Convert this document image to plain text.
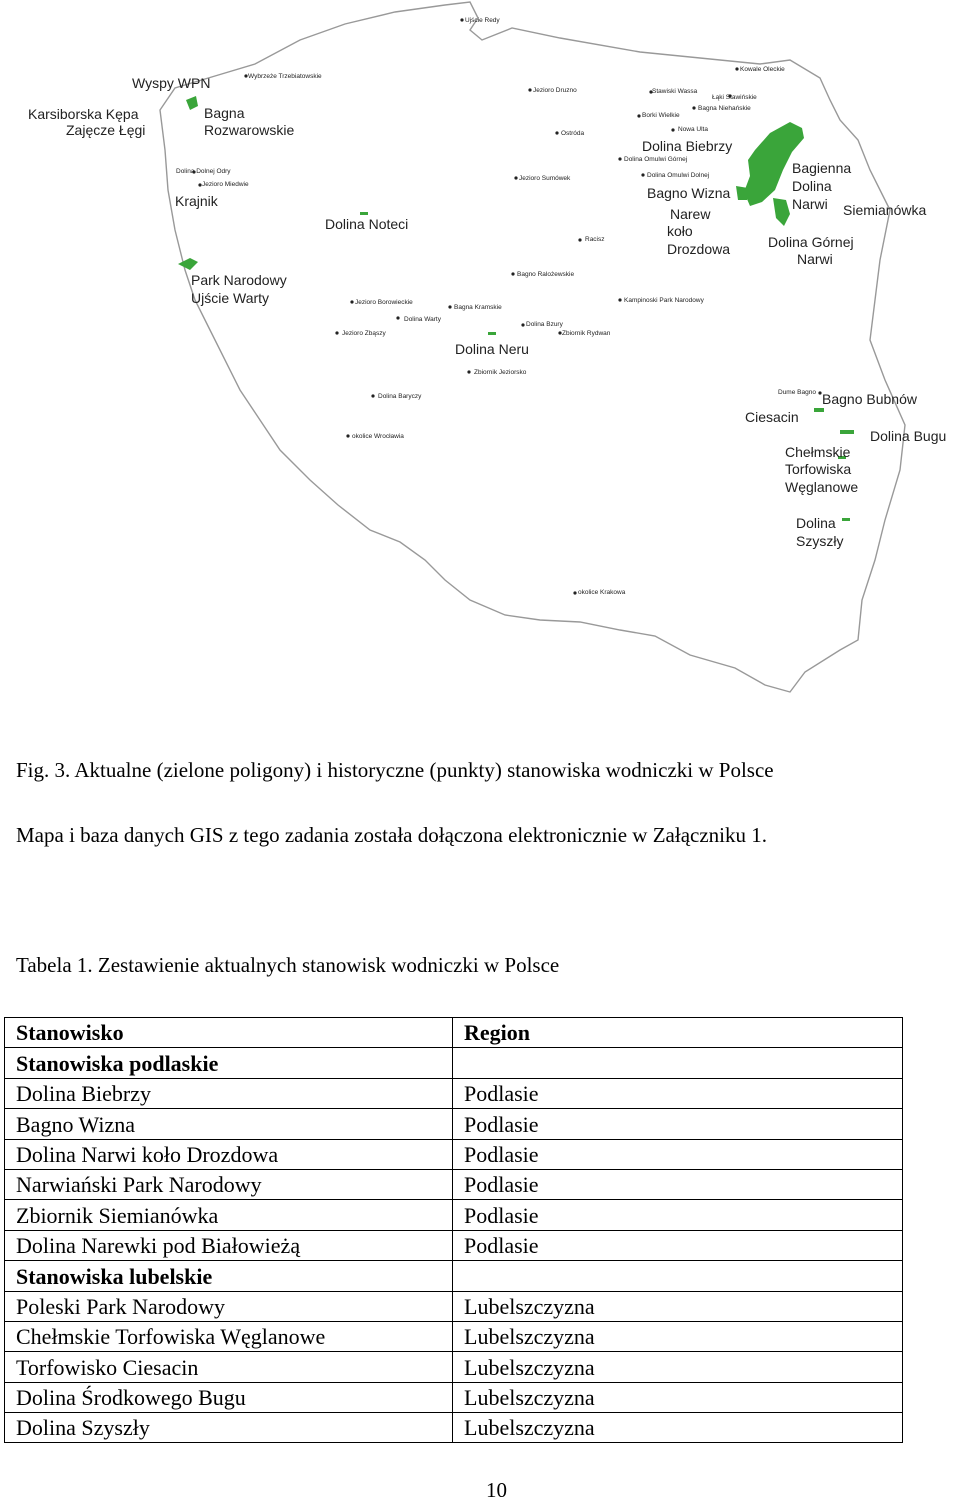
Wyspy WPN
Karsiborska Kępa
Zajęcze Łęgi
Bagna
Rozwarowskie
Krajnik
Dolina Noteci
Park Narodowy
Ujście Warty
Dolina Neru
Dolina Biebrzy
Bagno Wizna
Narew
koło
Drozdowa
Bagienna
Dolina
Narwi Siemianówka
Dolina Górnej
Narwi
Bagno Bubnów
Ciesacin
Dolina Bugu
Chełmskie
Torfowiska
Węglanowe
Dolina
Szyszły
Wybrzeże Trzebiatowskie
Dolina Dolnej Odry
Jezioro Miedwie
Jezioro Borowieckie
Dolina Warty
Jezioro Zbąszy
Bagna Kramskie
Dolina Baryczy
okolice Wrocławia
Zbiornik Jeziorsko
Dolina Bzury
Zbiornik Rydwan
Bagno Ralożewskie
Kampinoski Park Narodowy
Racisz
Jezioro Sumówek
Ostróda
Jezioro Druzno
Ujście Redy
Kowale Oleckie
Stawiski Wassa
Łąki Stawińskie
Borki Wielkie
Bagna Niehańskie
Nowa Ulta
Dolina Omulwi Górnej
Dolina Omulwi Dolnej
Dume Bagno
okolice Krakowa
Fig. 3. Aktualne (zielone poligony) i historyczne (punkty) stanowiska wodniczki w Polsce
Mapa i baza danych GIS z tego zadania została dołączona elektronicznie w Załączniku 1.
Tabela 1. Zestawienie aktualnych stanowisk wodniczki w Polsce
Stanowisko	Region
Stanowiska podlaskie	
Dolina Biebrzy	Podlasie
Bagno Wizna	Podlasie
Dolina Narwi koło Drozdowa	Podlasie
Narwiański Park Narodowy	Podlasie
Zbiornik Siemianówka	Podlasie
Dolina Narewki pod Białowieżą	Podlasie
Stanowiska lubelskie	
Poleski Park Narodowy	Lubelszczyzna
Chełmskie Torfowiska Węglanowe	Lubelszczyzna
Torfowisko Ciesacin	Lubelszczyzna
Dolina Środkowego Bugu	Lubelszczyzna
Dolina Szyszły	Lubelszczyzna
10
